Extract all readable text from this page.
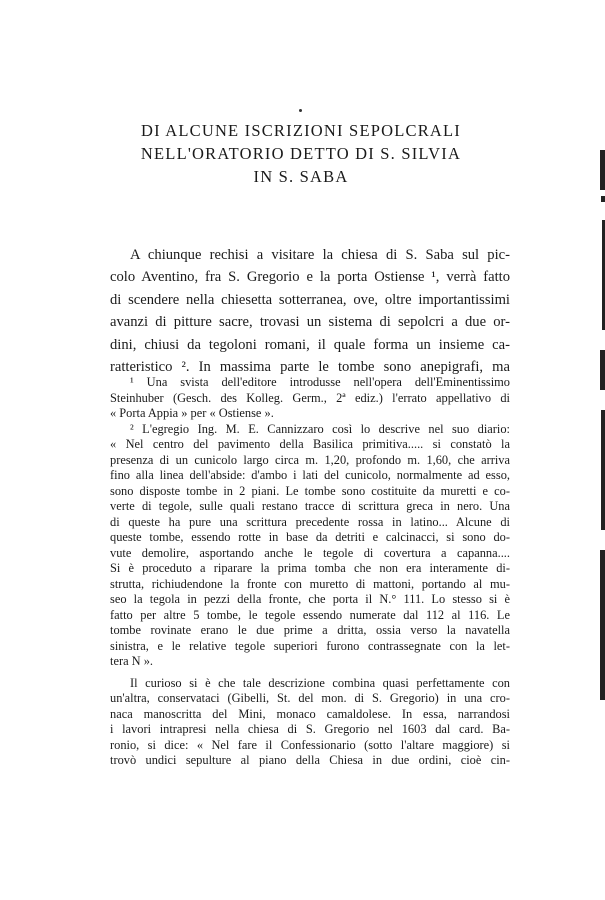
DI ALCUNE ISCRIZIONI SEPOLCRALI
NELL'ORATORIO DETTO DI S. SILVIA
IN S. SABA
A chiunque rechisi a visitare la chiesa di S. Saba sul pic-
colo Aventino, fra S. Gregorio e la porta Ostiense ¹, verrà fatto
di scendere nella chiesetta sotterranea, ove, oltre importantissimi
avanzi di pitture sacre, trovasi un sistema di sepolcri a due or-
dini, chiusi da tegoloni romani, il quale forma un insieme ca-
ratteristico ². In massima parte le tombe sono anepigrafi, ma
¹ Una svista dell'editore introdusse nell'opera dell'Eminentissimo
Steinhuber (Gesch. des Kolleg. Germ., 2ª ediz.) l'errato appellativo di
« Porta Appia » per « Ostiense ».
² L'egregio Ing. M. E. Cannizzaro così lo descrive nel suo diario:
« Nel centro del pavimento della Basilica primitiva..... si constatò la
presenza di un cunicolo largo circa m. 1,20, profondo m. 1,60, che arriva
fino alla linea dell'abside: d'ambo i lati del cunicolo, normalmente ad esso,
sono disposte tombe in 2 piani. Le tombe sono costituite da muretti e co-
verte di tegole, sulle quali restano tracce di scrittura greca in nero. Una
di queste ha pure una scrittura precedente rossa in latino... Alcune di
queste tombe, essendo rotte in base da detriti e calcinacci, si sono do-
vute demolire, asportando anche le tegole di covertura a capanna....
Si è proceduto a riparare la prima tomba che non era interamente di-
strutta, richiudendone la fronte con muretto di mattoni, portando al mu-
seo la tegola in pezzi della fronte, che porta il N.° 111. Lo stesso si è
fatto per altre 5 tombe, le tegole essendo numerate dal 112 al 116. Le
tombe rovinate erano le due prime a dritta, ossia verso la navatella
sinistra, e le relative tegole superiori furono contrassegnate con la let-
tera N ».
Il curioso si è che tale descrizione combina quasi perfettamente con
un'altra, conservataci (Gibelli, St. del mon. di S. Gregorio) in una cro-
naca manoscritta del Mini, monaco camaldolese. In essa, narrandosi
i lavori intrapresi nella chiesa di S. Gregorio nel 1603 dal card. Ba-
ronio, si dice: « Nel fare il Confessionario (sotto l'altare maggiore) si
trovò undici sepulture al piano della Chiesa in due ordini, cioè cin-
